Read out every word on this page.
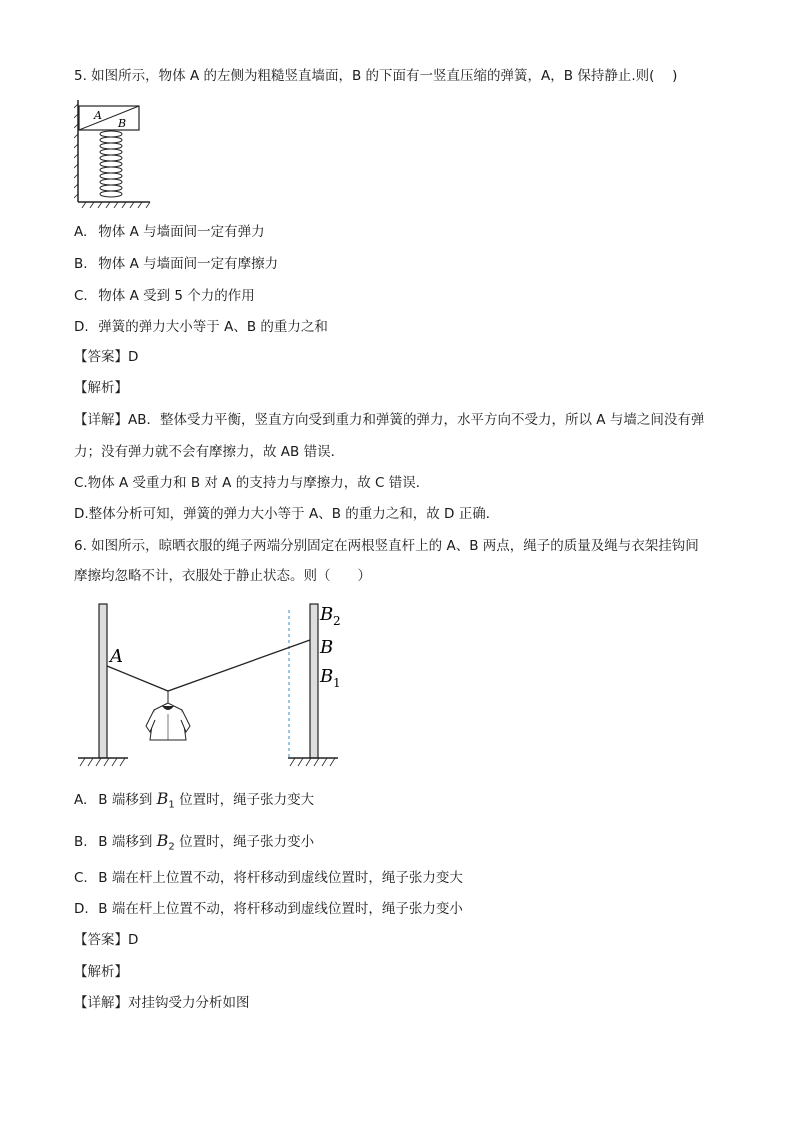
5. 如图所示，物体 A 的左侧为粗糙竖直墙面，B 的下面有一竖直压缩的弹簧，A，B 保持静止.则(　 )
A
B
A. 物体 A 与墙面间一定有弹力
B. 物体 A 与墙面间一定有摩擦力
C. 物体 A 受到 5 个力的作用
D. 弹簧的弹力大小等于 A、B 的重力之和
【答案】D
【解析】
【详解】AB．整体受力平衡，竖直方向受到重力和弹簧的弹力，水平方向不受力，所以 A 与墙之间没有弹
力；没有弹力就不会有摩擦力，故 AB 错误．
C.物体 A 受重力和 B 对 A 的支持力与摩擦力，故 C 错误．
D.整体分析可知，弹簧的弹力大小等于 A、B 的重力之和，故 D 正确．
6. 如图所示，晾晒衣服的绳子两端分别固定在两根竖直杆上的 A、B 两点，绳子的质量及绳与衣架挂钩间
摩擦均忽略不计，衣服处于静止状态。则（　　）
A
B 2
B
B 1
A. B 端移到 $B_1$ 位置时，绳子张力变大
B. B 端移到 $B_2$ 位置时，绳子张力变小
C. B 端在杆上位置不动，将杆移动到虚线位置时，绳子张力变大
D. B 端在杆上位置不动，将杆移动到虚线位置时，绳子张力变小
【答案】D
【解析】
【详解】对挂钩受力分析如图
